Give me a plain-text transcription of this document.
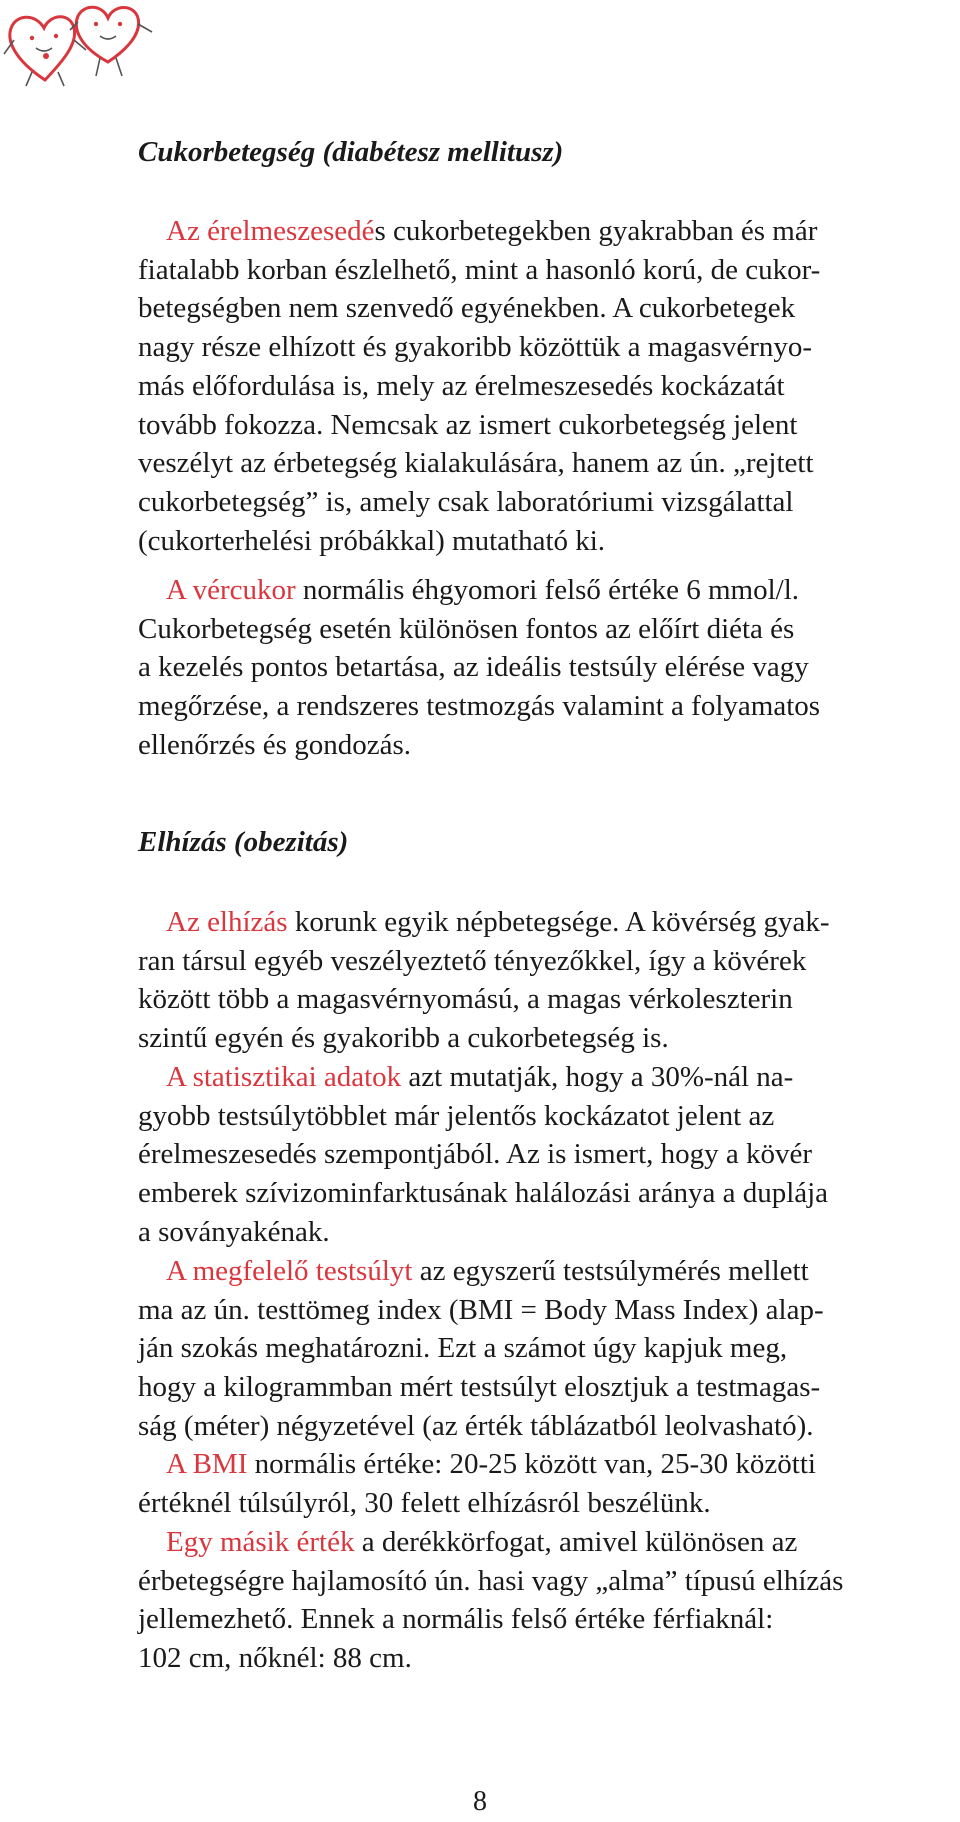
Cukorbetegség (diabétesz mellitusz)

Az érelmeszesedés cukorbetegekben gyakrabban és már
fiatalabb korban észlelhető, mint a hasonló korú, de cukor-
betegségben nem szenvedő egyénekben. A cukorbetegek
nagy része elhízott és gyakoribb közöttük a magasvérnyo-
más előfordulása is, mely az érelmeszesedés kockázatát
tovább fokozza. Nemcsak az ismert cukorbetegség jelent
veszélyt az érbetegség kialakulására, hanem az ún. „rejtett
cukorbetegség” is, amely csak laboratóriumi vizsgálattal
(cukorterhelési próbákkal) mutatható ki.

A vércukor normális éhgyomori felső értéke 6 mmol/l.
Cukorbetegség esetén különösen fontos az előírt diéta és
a kezelés pontos betartása, az ideális testsúly elérése vagy
megőrzése, a rendszeres testmozgás valamint a folyamatos
ellenőrzés és gondozás.

Elhízás (obezitás)

Az elhízás korunk egyik népbetegsége. A kövérség gyak-
ran társul egyéb veszélyeztető tényezőkkel, így a kövérek
között több a magasvérnyomású, a magas vérkoleszterin
szintű egyén és gyakoribb a cukorbetegség is.

A statisztikai adatok azt mutatják, hogy a 30%-nál na-
gyobb testsúlytöbblet már jelentős kockázatot jelent az
érelmeszesedés szempontjából. Az is ismert, hogy a kövér
emberek szívizominfarktusának halálozási aránya a duplája
a soványakénak.

A megfelelő testsúlyt az egyszerű testsúlymérés mellett
ma az ún. testtömeg index (BMI = Body Mass Index) alap-
ján szokás meghatározni. Ezt a számot úgy kapjuk meg,
hogy a kilogrammban mért testsúlyt elosztjuk a testmagas-
ság (méter) négyzetével (az érték táblázatból leolvasható).

A BMI normális értéke: 20-25 között van, 25-30 közötti
értéknél túlsúlyról, 30 felett elhízásról beszélünk.

Egy másik érték a derékkörfogat, amivel különösen az
érbetegségre hajlamosító ún. hasi vagy „alma” típusú elhízás
jellemezhető. Ennek a normális felső értéke férfiaknál:
102 cm, nőknél: 88 cm.

8
